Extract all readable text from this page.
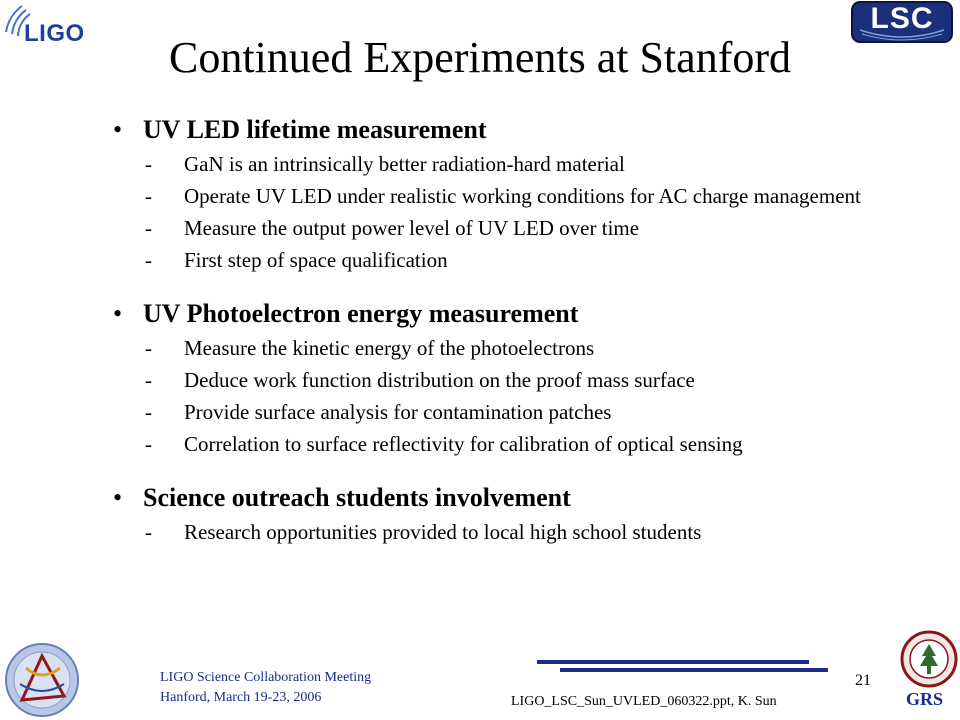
LIGO	LSC
Continued Experiments at Stanford
• UV LED lifetime measurement
-	GaN is an intrinsically better radiation-hard material
-	Operate UV LED under realistic working conditions for AC charge management
-	Measure the output power level of UV LED over time
-	First step of space qualification
• UV Photoelectron energy measurement
-	Measure the kinetic energy of the photoelectrons
-	Deduce work function distribution on the proof mass surface
-	Provide surface analysis for contamination patches
-	Correlation to surface reflectivity for calibration of optical sensing
• Science outreach students involvement
-	Research opportunities provided to local high school students
LIGO Science Collaboration Meeting
Hanford, March 19-23, 2006	LIGO_LSC_Sun_UVLED_060322.ppt, K. Sun
21
GRS
